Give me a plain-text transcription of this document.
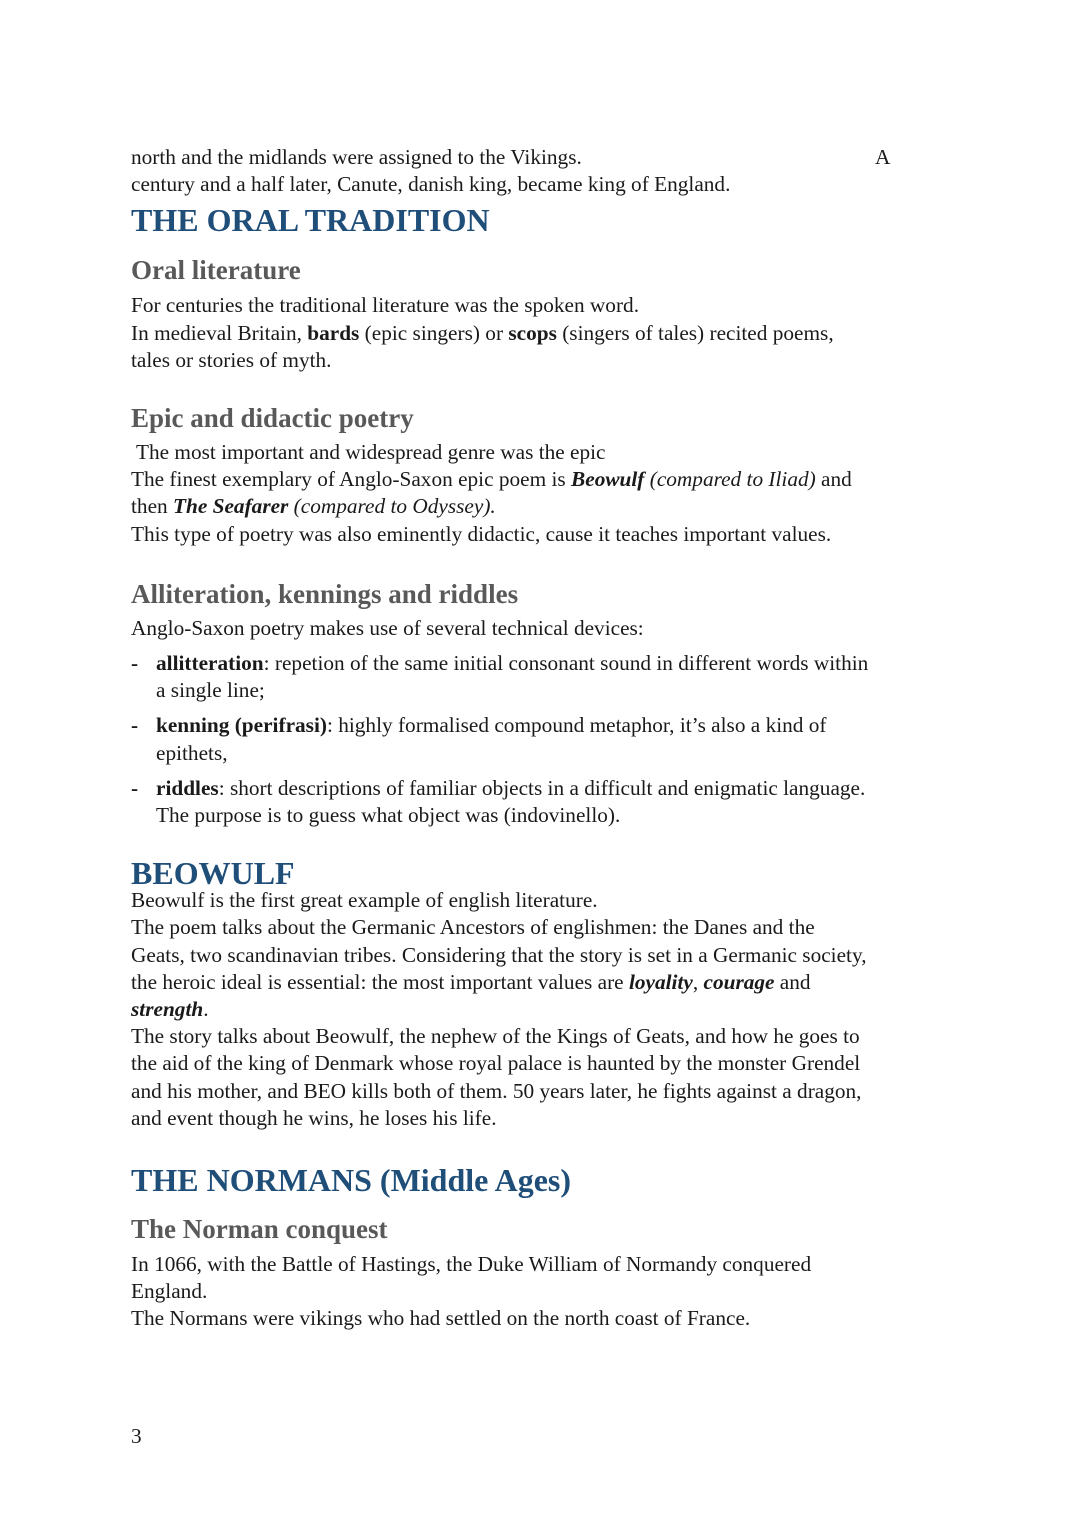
north and the midlands were assigned to the Vikings.
century and a half later, Canute, danish king, became king of England.

A
THE ORAL TRADITION
Oral literature

For centuries the traditional literature was the spoken word.
In medieval Britain, bards (epic singers) or scops (singers of tales) recited poems,
tales or stories of myth.

Epic and didactic poetry

The most important and widespread genre was the epic
The finest exemplary of Anglo-Saxon epic poem is Beowulf (compared to Iliad) and
then The Seafarer (compared to Odyssey).
This type of poetry was also eminently didactic, cause it teaches important values.

Alliteration, kennings and riddles

Anglo-Saxon poetry makes use of several technical devices:

- allitteration: repetion of the same initial consonant sound in different words within
a single line;
- kenning (perifrasi): highly formalised compound metaphor, it’s also a kind of
epithets,
- riddles: short descriptions of familiar objects in a difficult and enigmatic language.
The purpose is to guess what object was (indovinello).
BEOWULF

Beowulf is the first great example of english literature.
The poem talks about the Germanic Ancestors of englishmen: the Danes and the
Geats, two scandinavian tribes. Considering that the story is set in a Germanic society,
the heroic ideal is essential: the most important values are loyality, courage and
strength.
The story talks about Beowulf, the nephew of the Kings of Geats, and how he goes to
the aid of the king of Denmark whose royal palace is haunted by the monster Grendel
and his mother, and BEO kills both of them. 50 years later, he fights against a dragon,
and event though he wins, he loses his life.

THE NORMANS (Middle Ages)
The Norman conquest

In 1066, with the Battle of Hastings, the Duke William of Normandy conquered
England.
The Normans were vikings who had settled on the north coast of France.

3
